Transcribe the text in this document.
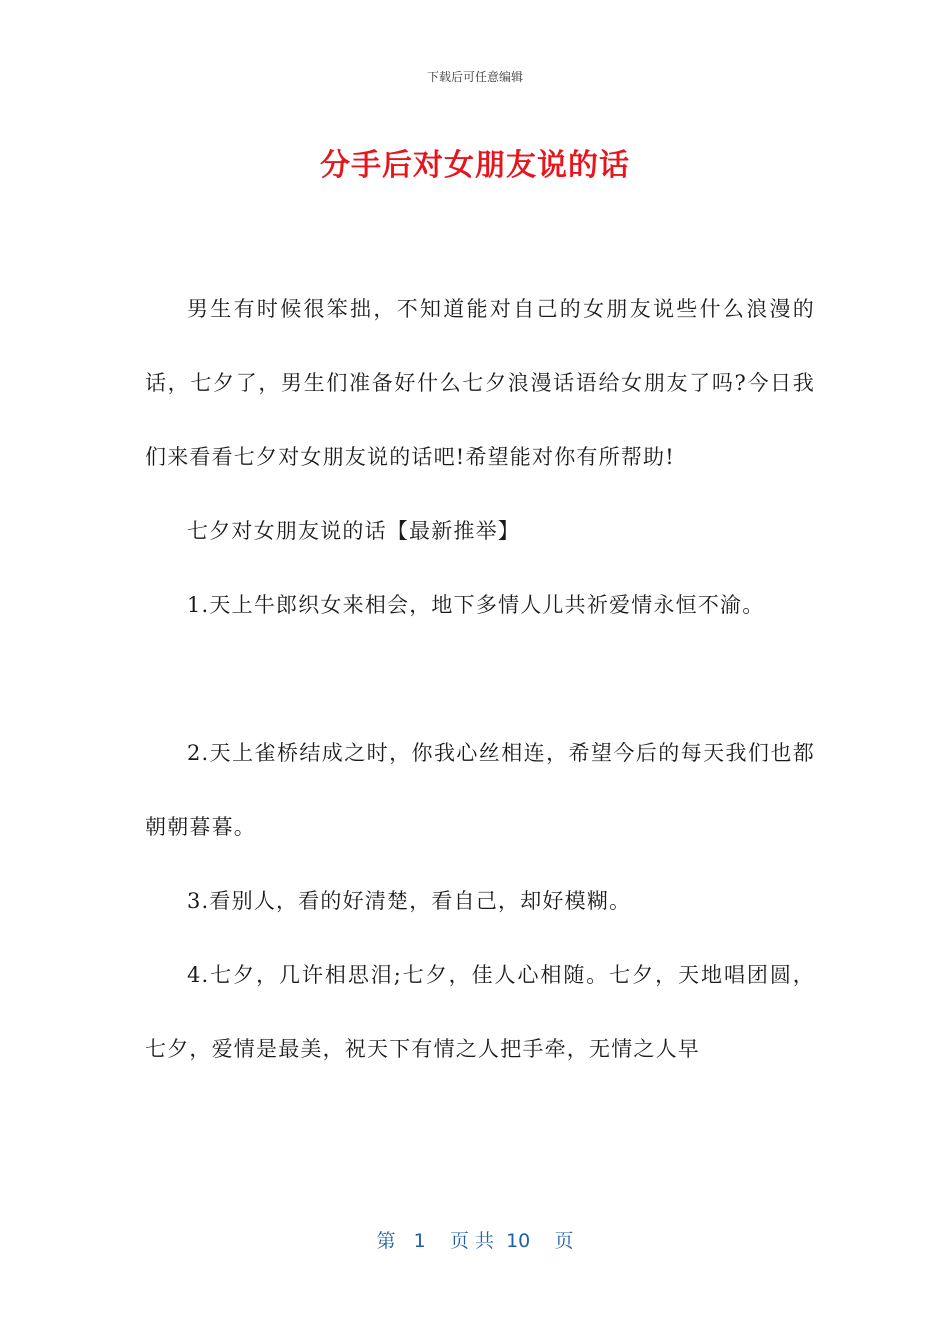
下载后可任意编辑
分手后对女朋友说的话

男生有时候很笨拙，不知道能对自己的女朋友说些什么浪漫的话，七夕了，男生们准备好什么七夕浪漫话语给女朋友了吗?今日我们来看看七夕对女朋友说的话吧!希望能对你有所帮助!

七夕对女朋友说的话【最新推举】

1.天上牛郎织女来相会，地下多情人儿共祈爱情永恒不渝。

2.天上雀桥结成之时，你我心丝相连，希望今后的每天我们也都朝朝暮暮。

3.看别人，看的好清楚，看自己，却好模糊。

4.七夕，几许相思泪;七夕，佳人心相随。七夕，天地唱团圆，七夕，爱情是最美，祝天下有情之人把手牵，无情之人早

第 1 页 共 10 页
